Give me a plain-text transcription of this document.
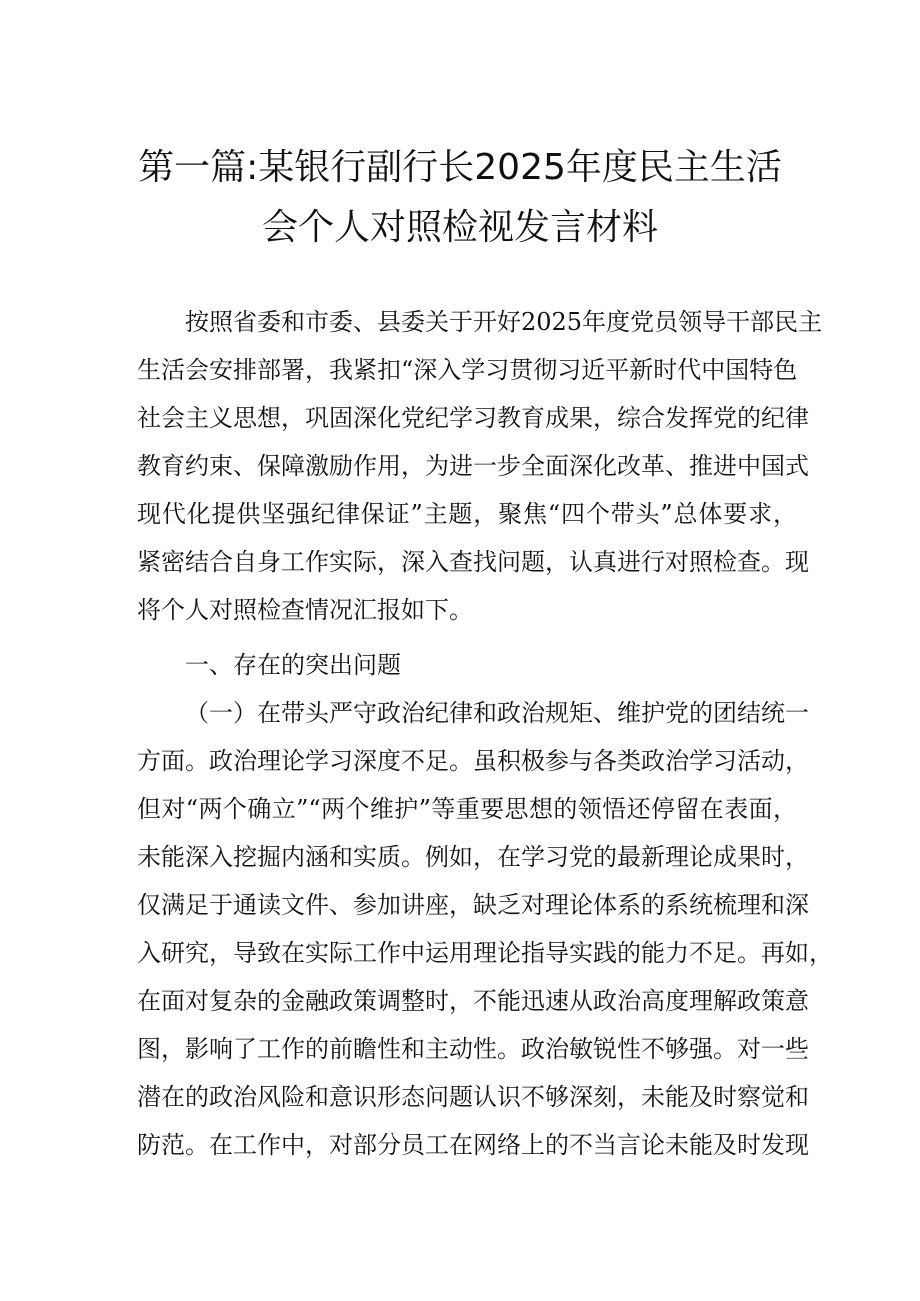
第一篇:某银行副行长2025年度民主生活
会个人对照检视发言材料
按照省委和市委、县委关于开好2025年度党员领导干部民主
生活会安排部署，我紧扣“深入学习贯彻习近平新时代中国特色
社会主义思想，巩固深化党纪学习教育成果，综合发挥党的纪律
教育约束、保障激励作用，为进一步全面深化改革、推进中国式
现代化提供坚强纪律保证”主题，聚焦“四个带头”总体要求，
紧密结合自身工作实际，深入查找问题，认真进行对照检查。现
将个人对照检查情况汇报如下。
一、存在的突出问题
（一）在带头严守政治纪律和政治规矩、维护党的团结统一
方面。政治理论学习深度不足。虽积极参与各类政治学习活动，
但对“两个确立”“两个维护”等重要思想的领悟还停留在表面，
未能深入挖掘内涵和实质。例如，在学习党的最新理论成果时，
仅满足于通读文件、参加讲座，缺乏对理论体系的系统梳理和深
入研究，导致在实际工作中运用理论指导实践的能力不足。再如，
在面对复杂的金融政策调整时，不能迅速从政治高度理解政策意
图，影响了工作的前瞻性和主动性。政治敏锐性不够强。对一些
潜在的政治风险和意识形态问题认识不够深刻，未能及时察觉和
防范。在工作中，对部分员工在网络上的不当言论未能及时发现
